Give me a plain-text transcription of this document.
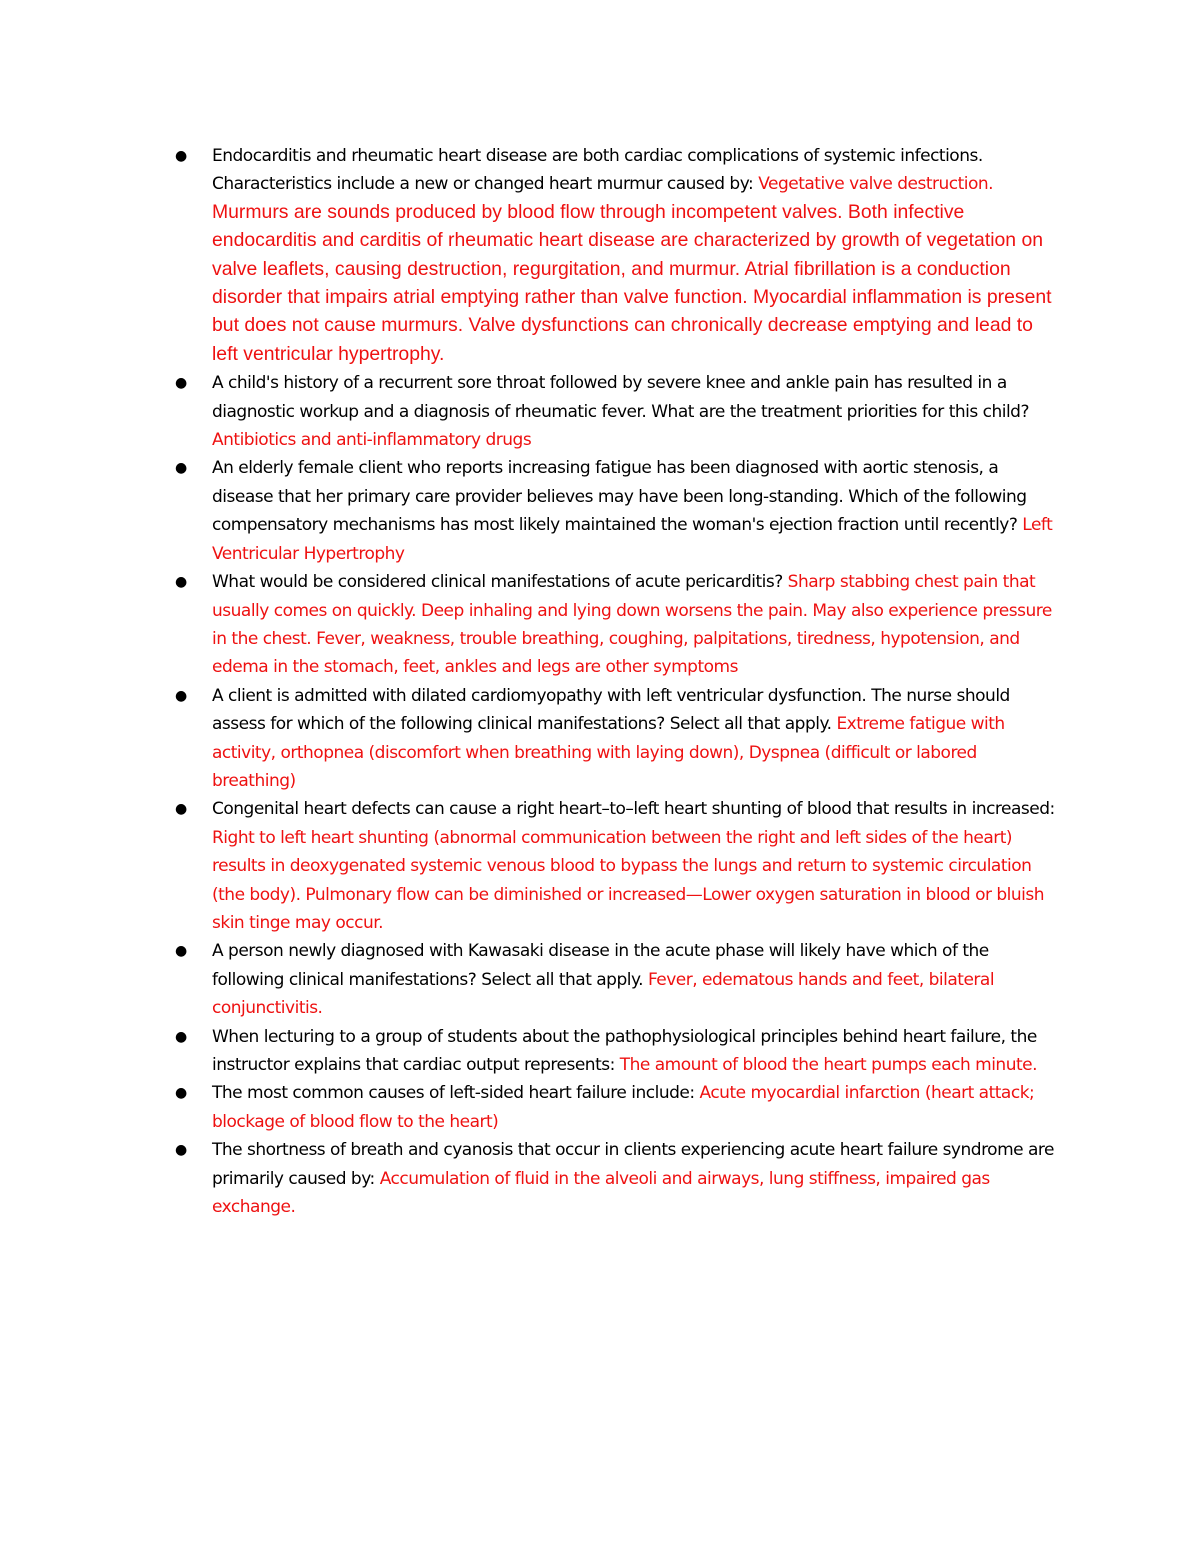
● Endocarditis and rheumatic heart disease are both cardiac complications of systemic infections. Characteristics include a new or changed heart murmur caused by: Vegetative valve destruction. Murmurs are sounds produced by blood flow through incompetent valves. Both infective endocarditis and carditis of rheumatic heart disease are characterized by growth of vegetation on valve leaflets, causing destruction, regurgitation, and murmur. Atrial fibrillation is a conduction disorder that impairs atrial emptying rather than valve function. Myocardial inflammation is present but does not cause murmurs. Valve dysfunctions can chronically decrease emptying and lead to left ventricular hypertrophy.
● A child's history of a recurrent sore throat followed by severe knee and ankle pain has resulted in a diagnostic workup and a diagnosis of rheumatic fever. What are the treatment priorities for this child? Antibiotics and anti-inflammatory drugs
● An elderly female client who reports increasing fatigue has been diagnosed with aortic stenosis, a disease that her primary care provider believes may have been long-standing. Which of the following compensatory mechanisms has most likely maintained the woman's ejection fraction until recently? Left Ventricular Hypertrophy
● What would be considered clinical manifestations of acute pericarditis? Sharp stabbing chest pain that usually comes on quickly. Deep inhaling and lying down worsens the pain. May also experience pressure in the chest. Fever, weakness, trouble breathing, coughing, palpitations, tiredness, hypotension, and edema in the stomach, feet, ankles and legs are other symptoms
● A client is admitted with dilated cardiomyopathy with left ventricular dysfunction. The nurse should assess for which of the following clinical manifestations? Select all that apply. Extreme fatigue with activity, orthopnea (discomfort when breathing with laying down), Dyspnea (difficult or labored breathing)
● Congenital heart defects can cause a right heart–to–left heart shunting of blood that results in increased: Right to left heart shunting (abnormal communication between the right and left sides of the heart) results in deoxygenated systemic venous blood to bypass the lungs and return to systemic circulation (the body). Pulmonary flow can be diminished or increased—Lower oxygen saturation in blood or bluish skin tinge may occur.
● A person newly diagnosed with Kawasaki disease in the acute phase will likely have which of the following clinical manifestations? Select all that apply. Fever, edematous hands and feet, bilateral conjunctivitis.
● When lecturing to a group of students about the pathophysiological principles behind heart failure, the instructor explains that cardiac output represents: The amount of blood the heart pumps each minute.
● The most common causes of left-sided heart failure include: Acute myocardial infarction (heart attack; blockage of blood flow to the heart)
● The shortness of breath and cyanosis that occur in clients experiencing acute heart failure syndrome are primarily caused by: Accumulation of fluid in the alveoli and airways, lung stiffness, impaired gas exchange.
